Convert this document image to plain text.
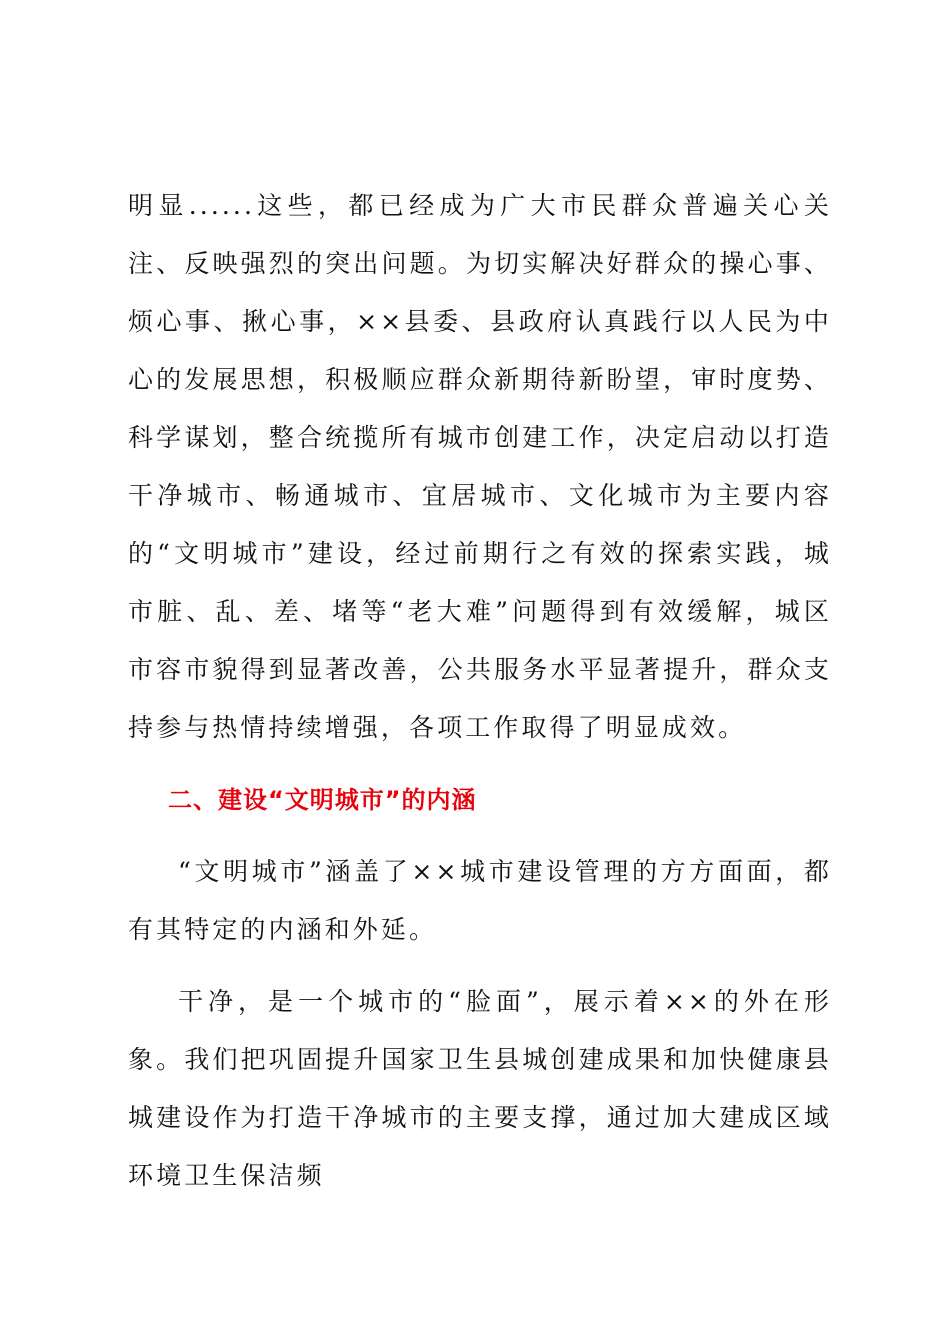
明显......这些，都已经成为广大市民群众普遍关心关注、反映强烈的突出问题。为切实解决好群众的操心事、烦心事、揪心事，××县委、县政府认真践行以人民为中心的发展思想，积极顺应群众新期待新盼望，审时度势、科学谋划，整合统揽所有城市创建工作，决定启动以打造干净城市、畅通城市、宜居城市、文化城市为主要内容的“文明城市”建设，经过前期行之有效的探索实践，城市脏、乱、差、堵等“老大难”问题得到有效缓解，城区市容市貌得到显著改善，公共服务水平显著提升，群众支持参与热情持续增强，各项工作取得了明显成效。

二、建设“文明城市”的内涵

“文明城市”涵盖了××城市建设管理的方方面面，都有其特定的内涵和外延。

干净，是一个城市的“脸面”，展示着××的外在形象。我们把巩固提升国家卫生县城创建成果和加快健康县城建设作为打造干净城市的主要支撑，通过加大建成区域环境卫生保洁频
